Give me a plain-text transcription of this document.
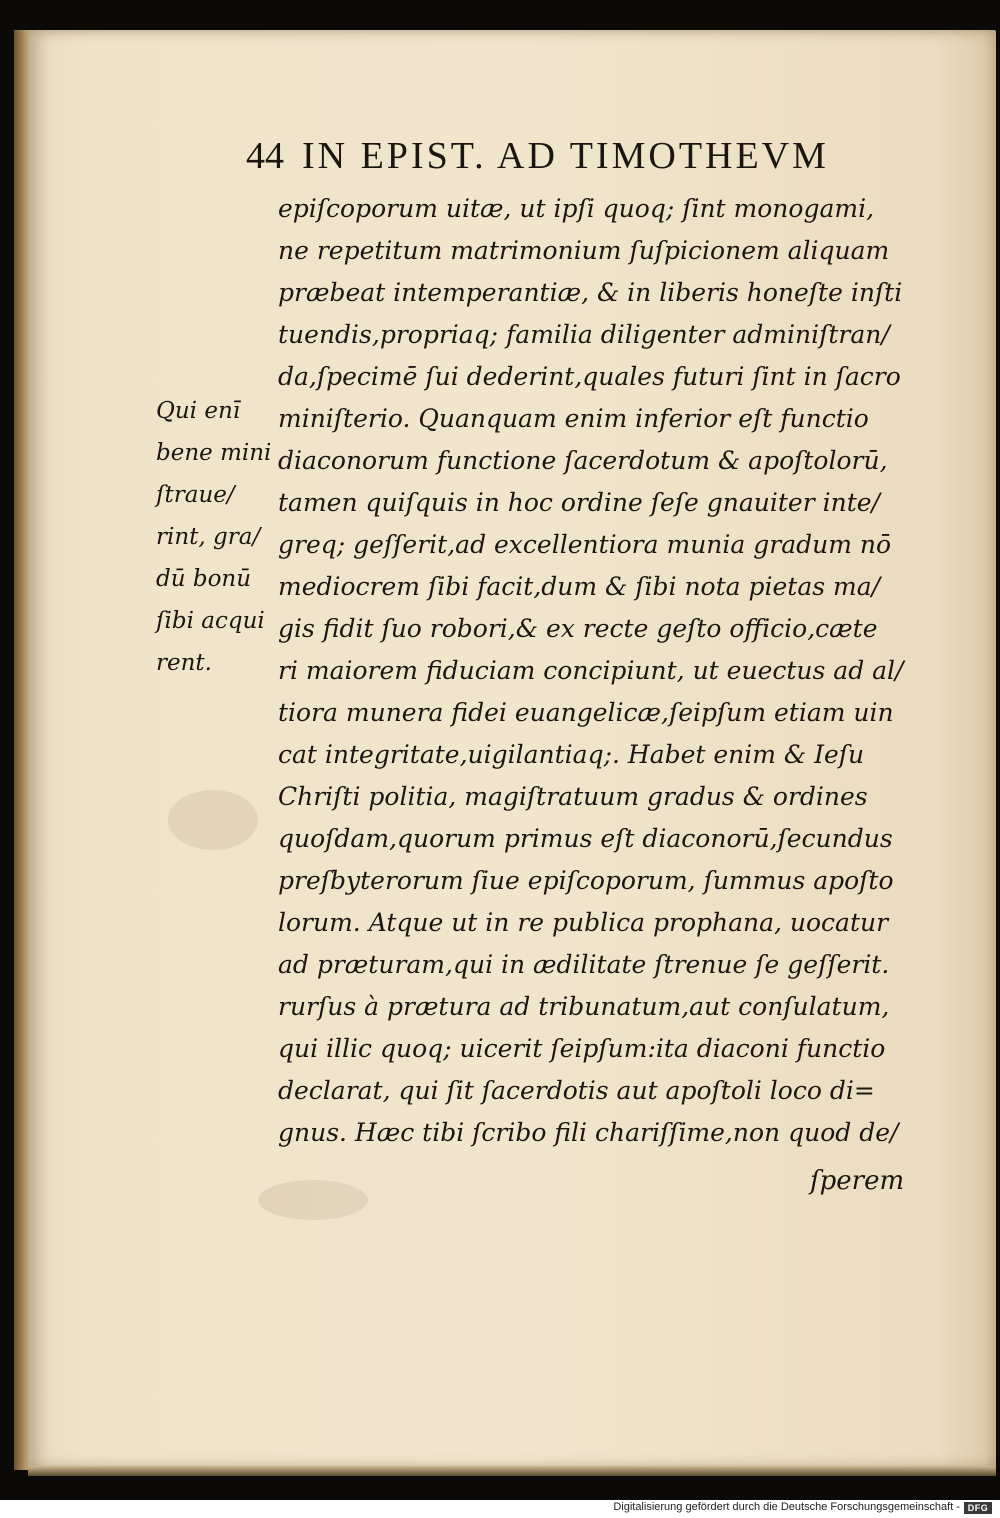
44 IN EPIST. AD TIMOTHEVM
epiſcoporum uitæ, ut ipſi quoq; ſint monogami,
ne repetitum matrimonium ſuſpicionem aliquam
præbeat intemperantiæ, & in liberis honeſte inſti
tuendis,propriaq; familia diligenter adminiſtran/
da,ſpecimē ſui dederint,quales futuri ſint in ſacro
miniſterio. Quanquam enim inferior eſt functio
diaconorum functione ſacerdotum & apoſtolorū,
tamen quiſquis in hoc ordine ſeſe gnauiter inte/
greq; geſſerit,ad excellentiora munia gradum nō
mediocrem ſibi facit,dum & ſibi nota pietas ma/
gis fidit ſuo robori,& ex recte geſto officio,cæte
ri maiorem fiduciam concipiunt, ut euectus ad al/
tiora munera fidei euangelicæ,ſeipſum etiam uin
cat integritate,uigilantiaq;. Habet enim & Ieſu
Chriſti politia, magiſtratuum gradus & ordines
quoſdam,quorum primus eſt diaconorū,ſecundus
preſbyterorum ſiue epiſcoporum, ſummus apoſto
lorum. Atque ut in re publica prophana, uocatur
ad præturam,qui in ædilitate ſtrenue ſe geſſerit.
rurſus à prætura ad tribunatum,aut conſulatum,
qui illic quoq; uicerit ſeipſum:ita diaconi functio
declarat, qui ſit ſacerdotis aut apoſtoli loco di=
gnus. Hæc tibi ſcribo fili chariſſime,non quod de/
Qui enī
bene mini
ſtraue/
rint, gra/
dū bonū
ſibi acqui
rent.
ſperem
Digitalisierung gefördert durch die Deutsche Forschungsgemeinschaft - DFG
